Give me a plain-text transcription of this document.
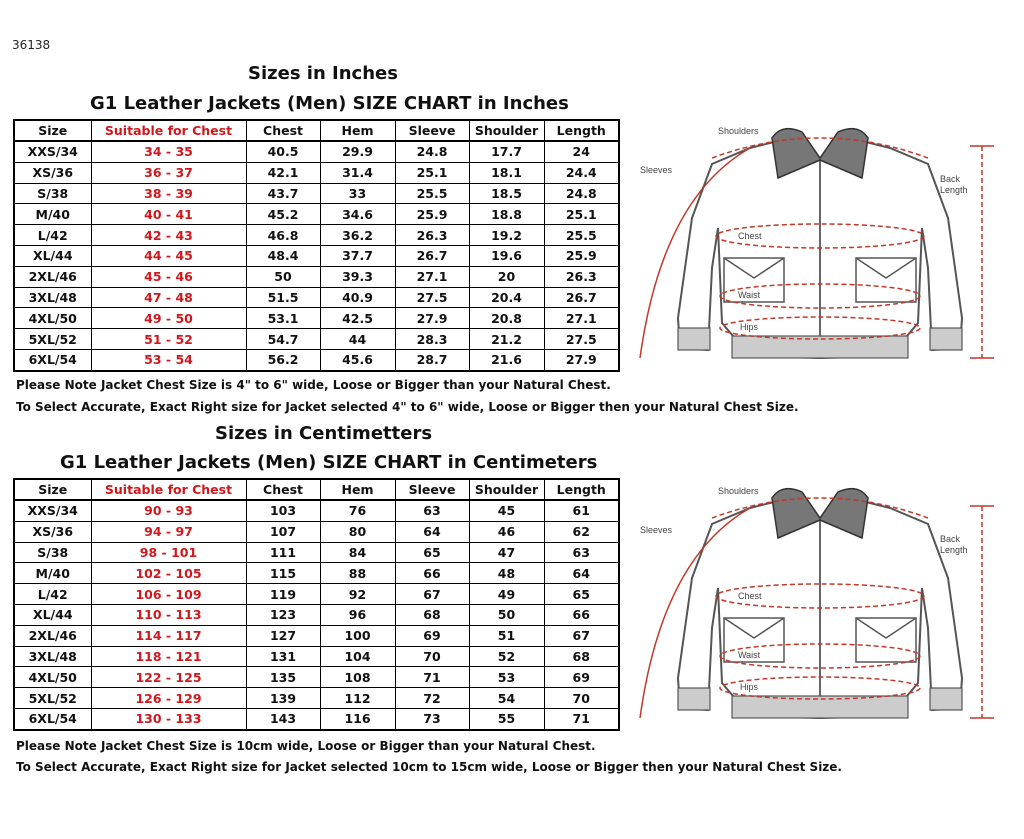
36138
Sizes in Inches
G1 Leather Jackets (Men) SIZE CHART in Inches
Size	Suitable for Chest	Chest	Hem	Sleeve	Shoulder	Length
XXS/34	34 - 35	40.5	29.9	24.8	17.7	24
XS/36	36 - 37	42.1	31.4	25.1	18.1	24.4
S/38	38 - 39	43.7	33	25.5	18.5	24.8
M/40	40 - 41	45.2	34.6	25.9	18.8	25.1
L/42	42 - 43	46.8	36.2	26.3	19.2	25.5
XL/44	44 - 45	48.4	37.7	26.7	19.6	25.9
2XL/46	45 - 46	50	39.3	27.1	20	26.3
3XL/48	47 - 48	51.5	40.9	27.5	20.4	26.7
4XL/50	49 - 50	53.1	42.5	27.9	20.8	27.1
5XL/52	51 - 52	54.7	44	28.3	21.2	27.5
6XL/54	53 - 54	56.2	45.6	28.7	21.6	27.9
Please Note Jacket Chest Size is 4" to 6" wide, Loose or Bigger than your Natural Chest.
To Select Accurate, Exact Right size for Jacket selected 4" to 6" wide, Loose or Bigger then your Natural Chest Size.
Sizes in Centimetters
G1 Leather Jackets (Men) SIZE CHART in Centimeters
Size	Suitable for Chest	Chest	Hem	Sleeve	Shoulder	Length
XXS/34	90 - 93	103	76	63	45	61
XS/36	94 - 97	107	80	64	46	62
S/38	98 - 101	111	84	65	47	63
M/40	102 - 105	115	88	66	48	64
L/42	106 - 109	119	92	67	49	65
XL/44	110 - 113	123	96	68	50	66
2XL/46	114 - 117	127	100	69	51	67
3XL/48	118 - 121	131	104	70	52	68
4XL/50	122 - 125	135	108	71	53	69
5XL/52	126 - 129	139	112	72	54	70
6XL/54	130 - 133	143	116	73	55	71
Please Note Jacket Chest Size is 10cm wide, Loose or Bigger than your Natural Chest.
To Select Accurate, Exact Right size for Jacket selected 10cm to 15cm wide, Loose or Bigger then your Natural Chest Size.
Shoulders
Sleeves
Back
Length
Chest
Waist
Hips
Shoulders
Sleeves
Back
Length
Chest
Waist
Hips
